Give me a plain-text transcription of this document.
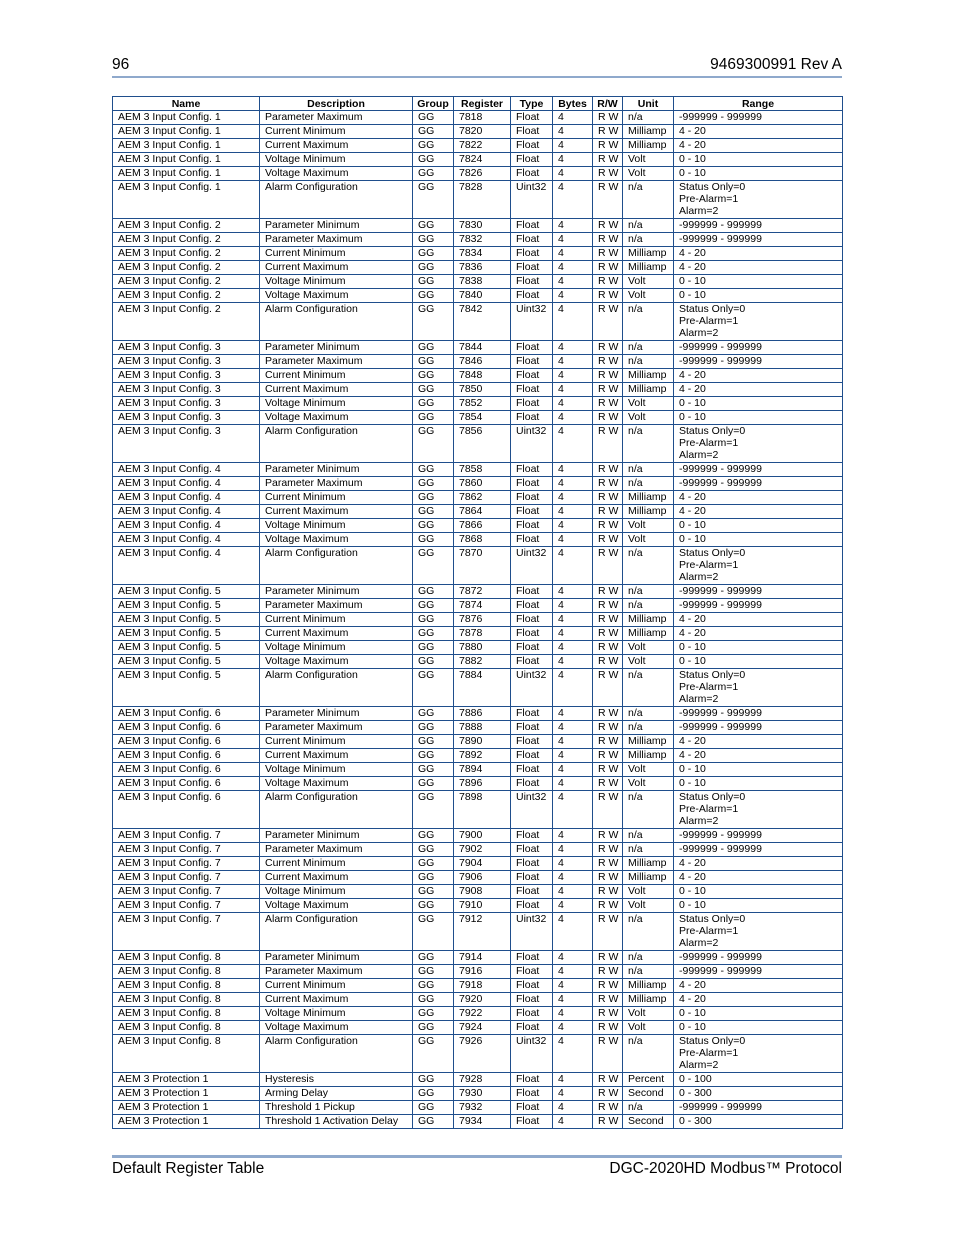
96	9469300991 Rev A
Name	Description	Group	Register	Type	Bytes	R/W	Unit	Range
AEM 3 Input Config. 1	Parameter Maximum	GG	7818	Float	4	R W	n/a	-999999 - 999999
AEM 3 Input Config. 1	Current Minimum	GG	7820	Float	4	R W	Milliamp	4 - 20
AEM 3 Input Config. 1	Current Maximum	GG	7822	Float	4	R W	Milliamp	4 - 20
AEM 3 Input Config. 1	Voltage Minimum	GG	7824	Float	4	R W	Volt	0 - 10
AEM 3 Input Config. 1	Voltage Maximum	GG	7826	Float	4	R W	Volt	0 - 10
AEM 3 Input Config. 1	Alarm Configuration	GG	7828	Uint32	4	R W	n/a	Status Only=0
Pre-Alarm=1
Alarm=2

AEM 3 Input Config. 2	Parameter Minimum	GG	7830	Float	4	R W	n/a	-999999 - 999999
AEM 3 Input Config. 2	Parameter Maximum	GG	7832	Float	4	R W	n/a	-999999 - 999999
AEM 3 Input Config. 2	Current Minimum	GG	7834	Float	4	R W	Milliamp	4 - 20
AEM 3 Input Config. 2	Current Maximum	GG	7836	Float	4	R W	Milliamp	4 - 20
AEM 3 Input Config. 2	Voltage Minimum	GG	7838	Float	4	R W	Volt	0 - 10
AEM 3 Input Config. 2	Voltage Maximum	GG	7840	Float	4	R W	Volt	0 - 10
AEM 3 Input Config. 2	Alarm Configuration	GG	7842	Uint32	4	R W	n/a	Status Only=0
Pre-Alarm=1
Alarm=2

AEM 3 Input Config. 3	Parameter Minimum	GG	7844	Float	4	R W	n/a	-999999 - 999999
AEM 3 Input Config. 3	Parameter Maximum	GG	7846	Float	4	R W	n/a	-999999 - 999999
AEM 3 Input Config. 3	Current Minimum	GG	7848	Float	4	R W	Milliamp	4 - 20
AEM 3 Input Config. 3	Current Maximum	GG	7850	Float	4	R W	Milliamp	4 - 20
AEM 3 Input Config. 3	Voltage Minimum	GG	7852	Float	4	R W	Volt	0 - 10
AEM 3 Input Config. 3	Voltage Maximum	GG	7854	Float	4	R W	Volt	0 - 10
AEM 3 Input Config. 3	Alarm Configuration	GG	7856	Uint32	4	R W	n/a	Status Only=0
Pre-Alarm=1
Alarm=2

AEM 3 Input Config. 4	Parameter Minimum	GG	7858	Float	4	R W	n/a	-999999 - 999999
AEM 3 Input Config. 4	Parameter Maximum	GG	7860	Float	4	R W	n/a	-999999 - 999999
AEM 3 Input Config. 4	Current Minimum	GG	7862	Float	4	R W	Milliamp	4 - 20
AEM 3 Input Config. 4	Current Maximum	GG	7864	Float	4	R W	Milliamp	4 - 20
AEM 3 Input Config. 4	Voltage Minimum	GG	7866	Float	4	R W	Volt	0 - 10
AEM 3 Input Config. 4	Voltage Maximum	GG	7868	Float	4	R W	Volt	0 - 10
AEM 3 Input Config. 4	Alarm Configuration	GG	7870	Uint32	4	R W	n/a	Status Only=0
Pre-Alarm=1
Alarm=2

AEM 3 Input Config. 5	Parameter Minimum	GG	7872	Float	4	R W	n/a	-999999 - 999999
AEM 3 Input Config. 5	Parameter Maximum	GG	7874	Float	4	R W	n/a	-999999 - 999999
AEM 3 Input Config. 5	Current Minimum	GG	7876	Float	4	R W	Milliamp	4 - 20
AEM 3 Input Config. 5	Current Maximum	GG	7878	Float	4	R W	Milliamp	4 - 20
AEM 3 Input Config. 5	Voltage Minimum	GG	7880	Float	4	R W	Volt	0 - 10
AEM 3 Input Config. 5	Voltage Maximum	GG	7882	Float	4	R W	Volt	0 - 10
AEM 3 Input Config. 5	Alarm Configuration	GG	7884	Uint32	4	R W	n/a	Status Only=0
Pre-Alarm=1
Alarm=2

AEM 3 Input Config. 6	Parameter Minimum	GG	7886	Float	4	R W	n/a	-999999 - 999999
AEM 3 Input Config. 6	Parameter Maximum	GG	7888	Float	4	R W	n/a	-999999 - 999999
AEM 3 Input Config. 6	Current Minimum	GG	7890	Float	4	R W	Milliamp	4 - 20
AEM 3 Input Config. 6	Current Maximum	GG	7892	Float	4	R W	Milliamp	4 - 20
AEM 3 Input Config. 6	Voltage Minimum	GG	7894	Float	4	R W	Volt	0 - 10
AEM 3 Input Config. 6	Voltage Maximum	GG	7896	Float	4	R W	Volt	0 - 10
AEM 3 Input Config. 6	Alarm Configuration	GG	7898	Uint32	4	R W	n/a	Status Only=0
Pre-Alarm=1
Alarm=2

AEM 3 Input Config. 7	Parameter Minimum	GG	7900	Float	4	R W	n/a	-999999 - 999999
AEM 3 Input Config. 7	Parameter Maximum	GG	7902	Float	4	R W	n/a	-999999 - 999999
AEM 3 Input Config. 7	Current Minimum	GG	7904	Float	4	R W	Milliamp	4 - 20
AEM 3 Input Config. 7	Current Maximum	GG	7906	Float	4	R W	Milliamp	4 - 20
AEM 3 Input Config. 7	Voltage Minimum	GG	7908	Float	4	R W	Volt	0 - 10
AEM 3 Input Config. 7	Voltage Maximum	GG	7910	Float	4	R W	Volt	0 - 10
AEM 3 Input Config. 7	Alarm Configuration	GG	7912	Uint32	4	R W	n/a	Status Only=0
Pre-Alarm=1
Alarm=2

AEM 3 Input Config. 8	Parameter Minimum	GG	7914	Float	4	R W	n/a	-999999 - 999999
AEM 3 Input Config. 8	Parameter Maximum	GG	7916	Float	4	R W	n/a	-999999 - 999999
AEM 3 Input Config. 8	Current Minimum	GG	7918	Float	4	R W	Milliamp	4 - 20
AEM 3 Input Config. 8	Current Maximum	GG	7920	Float	4	R W	Milliamp	4 - 20
AEM 3 Input Config. 8	Voltage Minimum	GG	7922	Float	4	R W	Volt	0 - 10
AEM 3 Input Config. 8	Voltage Maximum	GG	7924	Float	4	R W	Volt	0 - 10
AEM 3 Input Config. 8	Alarm Configuration	GG	7926	Uint32	4	R W	n/a	Status Only=0
Pre-Alarm=1
Alarm=2

AEM 3 Protection 1	Hysteresis	GG	7928	Float	4	R W	Percent	0 - 100
AEM 3 Protection 1	Arming Delay	GG	7930	Float	4	R W	Second	0 - 300
AEM 3 Protection 1	Threshold 1 Pickup	GG	7932	Float	4	R W	n/a	-999999 - 999999
AEM 3 Protection 1	Threshold 1 Activation Delay	GG	7934	Float	4	R W	Second	0 - 300
Default Register Table	DGC-2020HD Modbus™ Protocol
